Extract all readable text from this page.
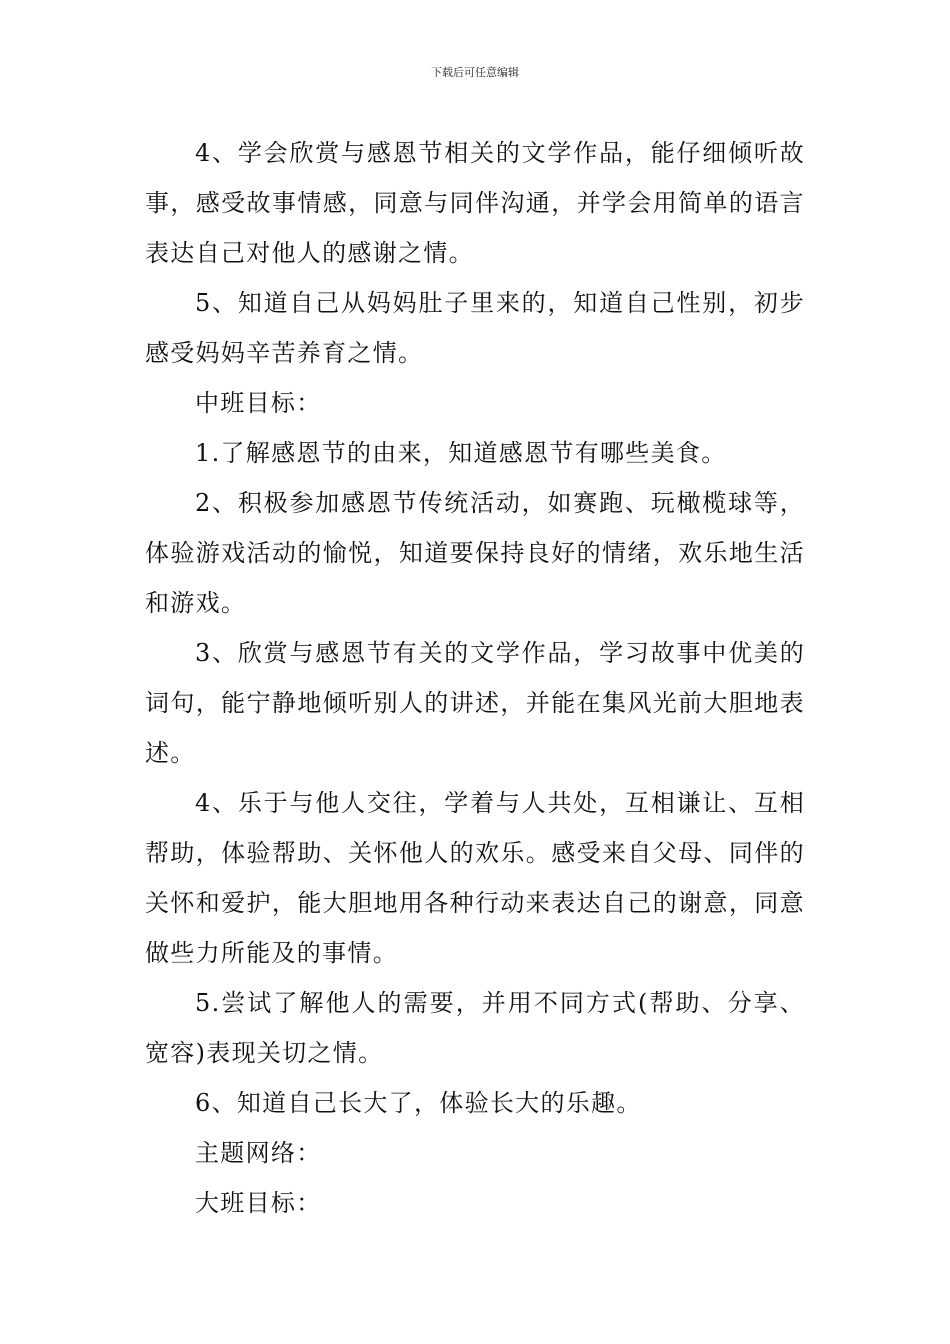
下载后可任意编辑

4、学会欣赏与感恩节相关的文学作品，能仔细倾听故事，感受故事情感，同意与同伴沟通，并学会用简单的语言表达自己对他人的感谢之情。

5、知道自己从妈妈肚子里来的，知道自己性别，初步感受妈妈辛苦养育之情。

中班目标：

1.了解感恩节的由来，知道感恩节有哪些美食。

2、积极参加感恩节传统活动，如赛跑、玩橄榄球等，体验游戏活动的愉悦，知道要保持良好的情绪，欢乐地生活和游戏。

3、欣赏与感恩节有关的文学作品，学习故事中优美的词句，能宁静地倾听别人的讲述，并能在集风光前大胆地表述。

4、乐于与他人交往，学着与人共处，互相谦让、互相帮助，体验帮助、关怀他人的欢乐。感受来自父母、同伴的关怀和爱护，能大胆地用各种行动来表达自己的谢意，同意做些力所能及的事情。

5.尝试了解他人的需要，并用不同方式(帮助、分享、宽容)表现关切之情。

6、知道自己长大了，体验长大的乐趣。

主题网络：

大班目标：
